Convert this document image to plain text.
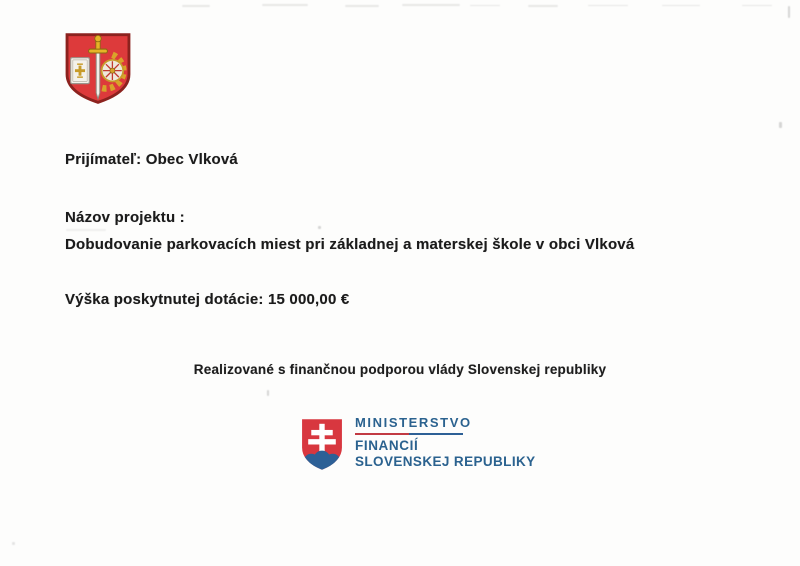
Prijímateľ: Obec Vlková
Názov projektu :
Dobudovanie parkovacích miest pri základnej a materskej škole v obci Vlková
Výška poskytnutej dotácie: 15 000,00 €
Realizované s finančnou podporou vlády Slovenskej republiky
MINISTERSTVO
FINANCIÍ
SLOVENSKEJ REPUBLIKY
